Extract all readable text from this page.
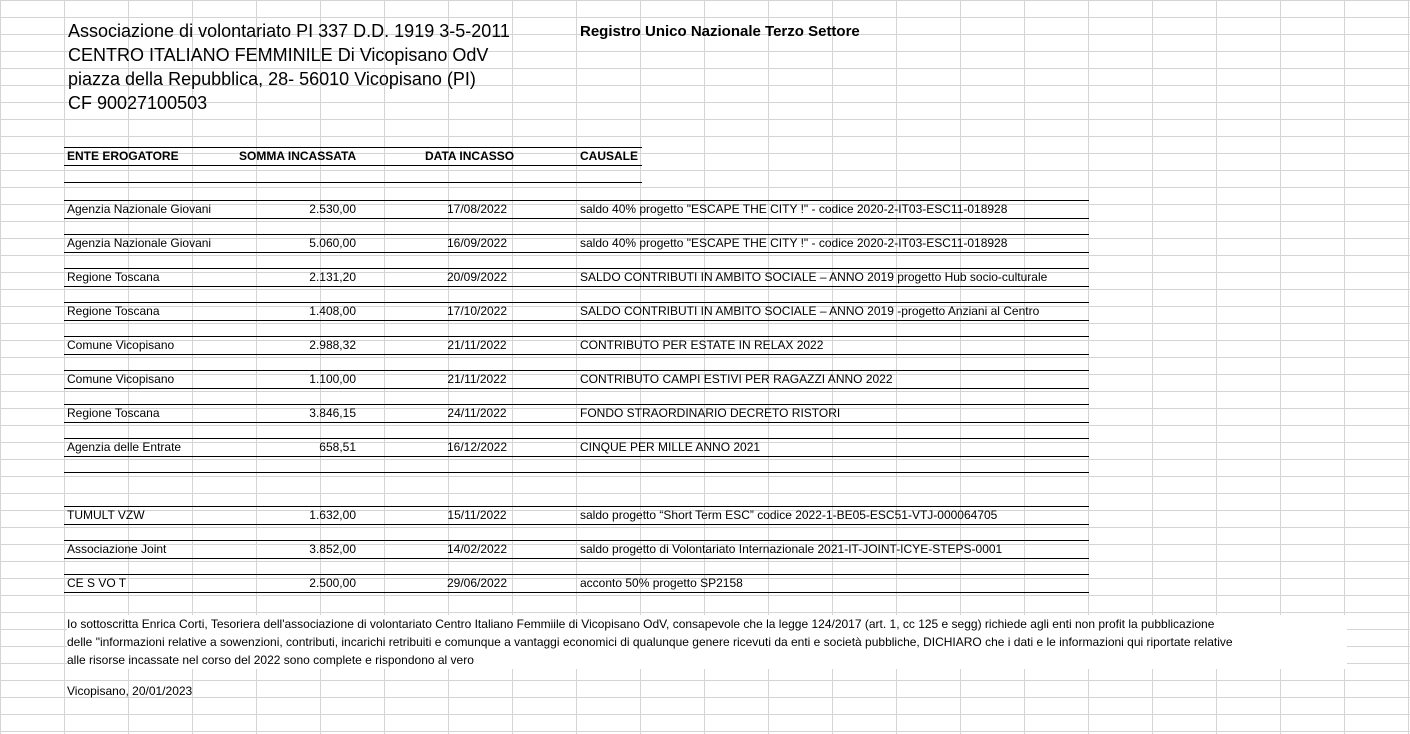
Associazione di volontariato PI 337 D.D. 1919 3-5-2011	Registro Unico Nazionale Terzo Settore
CENTRO ITALIANO FEMMINILE Di Vicopisano OdV
piazza della Repubblica, 28- 56010 Vicopisano (PI)
CF 90027100503
ENTE EROGATORE	SOMMA INCASSATA	DATA INCASSO	CAUSALE
Agenzia Nazionale Giovani	2.530,00	17/08/2022	saldo 40% progetto "ESCAPE THE CITY !" - codice 2020-2-IT03-ESC11-018928
Agenzia Nazionale Giovani	5.060,00	16/09/2022	saldo 40% progetto "ESCAPE THE CITY !" - codice 2020-2-IT03-ESC11-018928
Regione Toscana	2.131,20	20/09/2022	SALDO CONTRIBUTI IN AMBITO SOCIALE – ANNO 2019 progetto Hub socio-culturale
Regione Toscana	1.408,00	17/10/2022	SALDO CONTRIBUTI IN AMBITO SOCIALE – ANNO 2019 -progetto Anziani al Centro
Comune Vicopisano	2.988,32	21/11/2022	CONTRIBUTO PER ESTATE IN RELAX 2022
Comune Vicopisano	1.100,00	21/11/2022	CONTRIBUTO CAMPI ESTIVI PER RAGAZZI ANNO 2022
Regione Toscana	3.846,15	24/11/2022	FONDO STRAORDINARIO DECRETO RISTORI
Agenzia delle Entrate	658,51	16/12/2022	CINQUE PER MILLE ANNO 2021
TUMULT VZW	1.632,00	15/11/2022	saldo progetto “Short Term ESC” codice 2022-1-BE05-ESC51-VTJ-000064705
Associazione Joint	3.852,00	14/02/2022	saldo progetto di Volontariato Internazionale 2021-IT-JOINT-ICYE-STEPS-0001
CE S VO T	2.500,00	29/06/2022	acconto 50% progetto SP2158
Io sottoscritta Enrica Corti, Tesoriera dell'associazione di volontariato Centro Italiano Femmiile di Vicopisano OdV, consapevole che la legge 124/2017 (art. 1, cc 125 e segg) richiede agli enti non profit la pubblicazione
delle "informazioni relative a sowenzioni, contributi, incarichi retribuiti e comunque a vantaggi economici di qualunque genere ricevuti da enti e società pubbliche, DICHIARO che i dati e le informazioni qui riportate relative
alle risorse incassate nel corso del 2022 sono complete e rispondono al vero
Vicopisano, 20/01/2023
